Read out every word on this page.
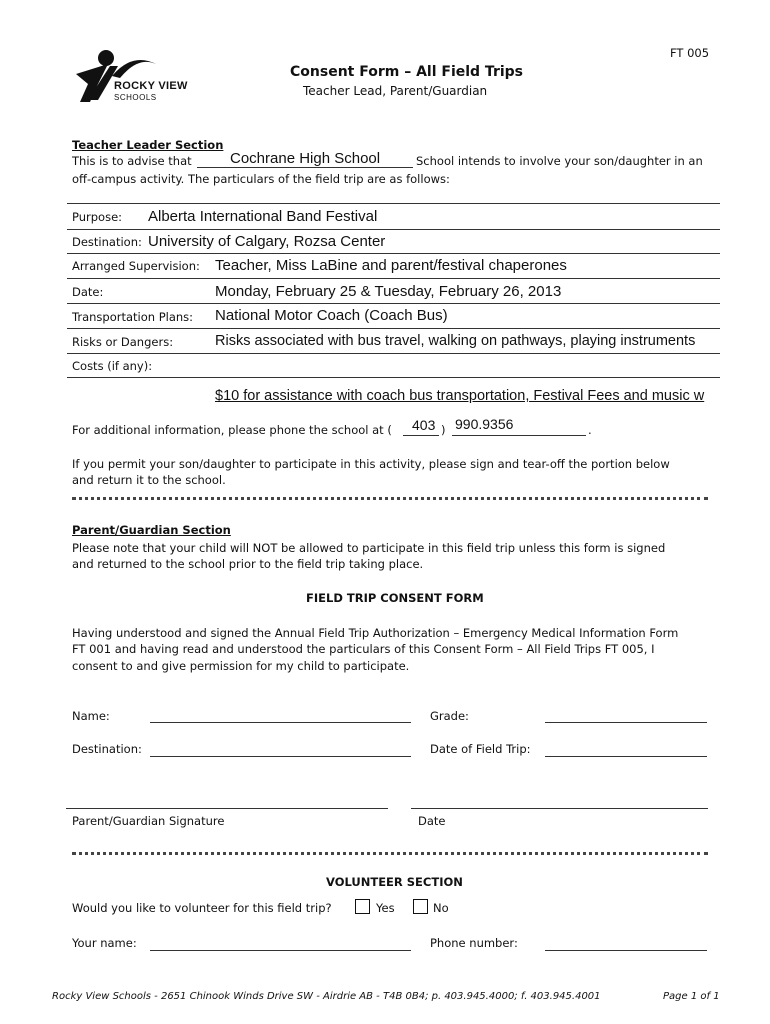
FT 005
ROCKY VIEW
SCHOOLS
Consent Form – All Field Trips
Teacher Lead, Parent/Guardian
Teacher Leader Section
This is to advise that	Cochrane High School	School intends to involve your son/daughter in an
off-campus activity. The particulars of the field trip are as follows:
Purpose: Alberta International Band Festival
Destination: University of Calgary, Rozsa Center
Arranged Supervision: Teacher, Miss LaBine and parent/festival chaperones
Date:	Monday, February 25 & Tuesday, February 26, 2013
Transportation Plans: National Motor Coach (Coach Bus)
Risks or Dangers:	Risks associated with bus travel, walking on pathways, playing instruments
Costs (if any):
$10 for assistance with coach bus transportation, Festival Fees and music w
For additional information, please phone the school at ( 403 ) 990.9356	.
If you permit your son/daughter to participate in this activity, please sign and tear-off the portion below
and return it to the school.
Parent/Guardian Section
Please note that your child will NOT be allowed to participate in this field trip unless this form is signed
and returned to the school prior to the field trip taking place.
FIELD TRIP CONSENT FORM
Having understood and signed the Annual Field Trip Authorization – Emergency Medical Information Form
FT 001 and having read and understood the particulars of this Consent Form – All Field Trips FT 005, I
consent to and give permission for my child to participate.
Name:	Grade:
Destination:	Date of Field Trip:
Parent/Guardian Signature	Date
VOLUNTEER SECTION
Would you like to volunteer for this field trip?	Yes	No
Your name:	Phone number:
Rocky View Schools - 2651 Chinook Winds Drive SW - Airdrie AB - T4B 0B4; p. 403.945.4000; f. 403.945.4001	Page 1 of 1
